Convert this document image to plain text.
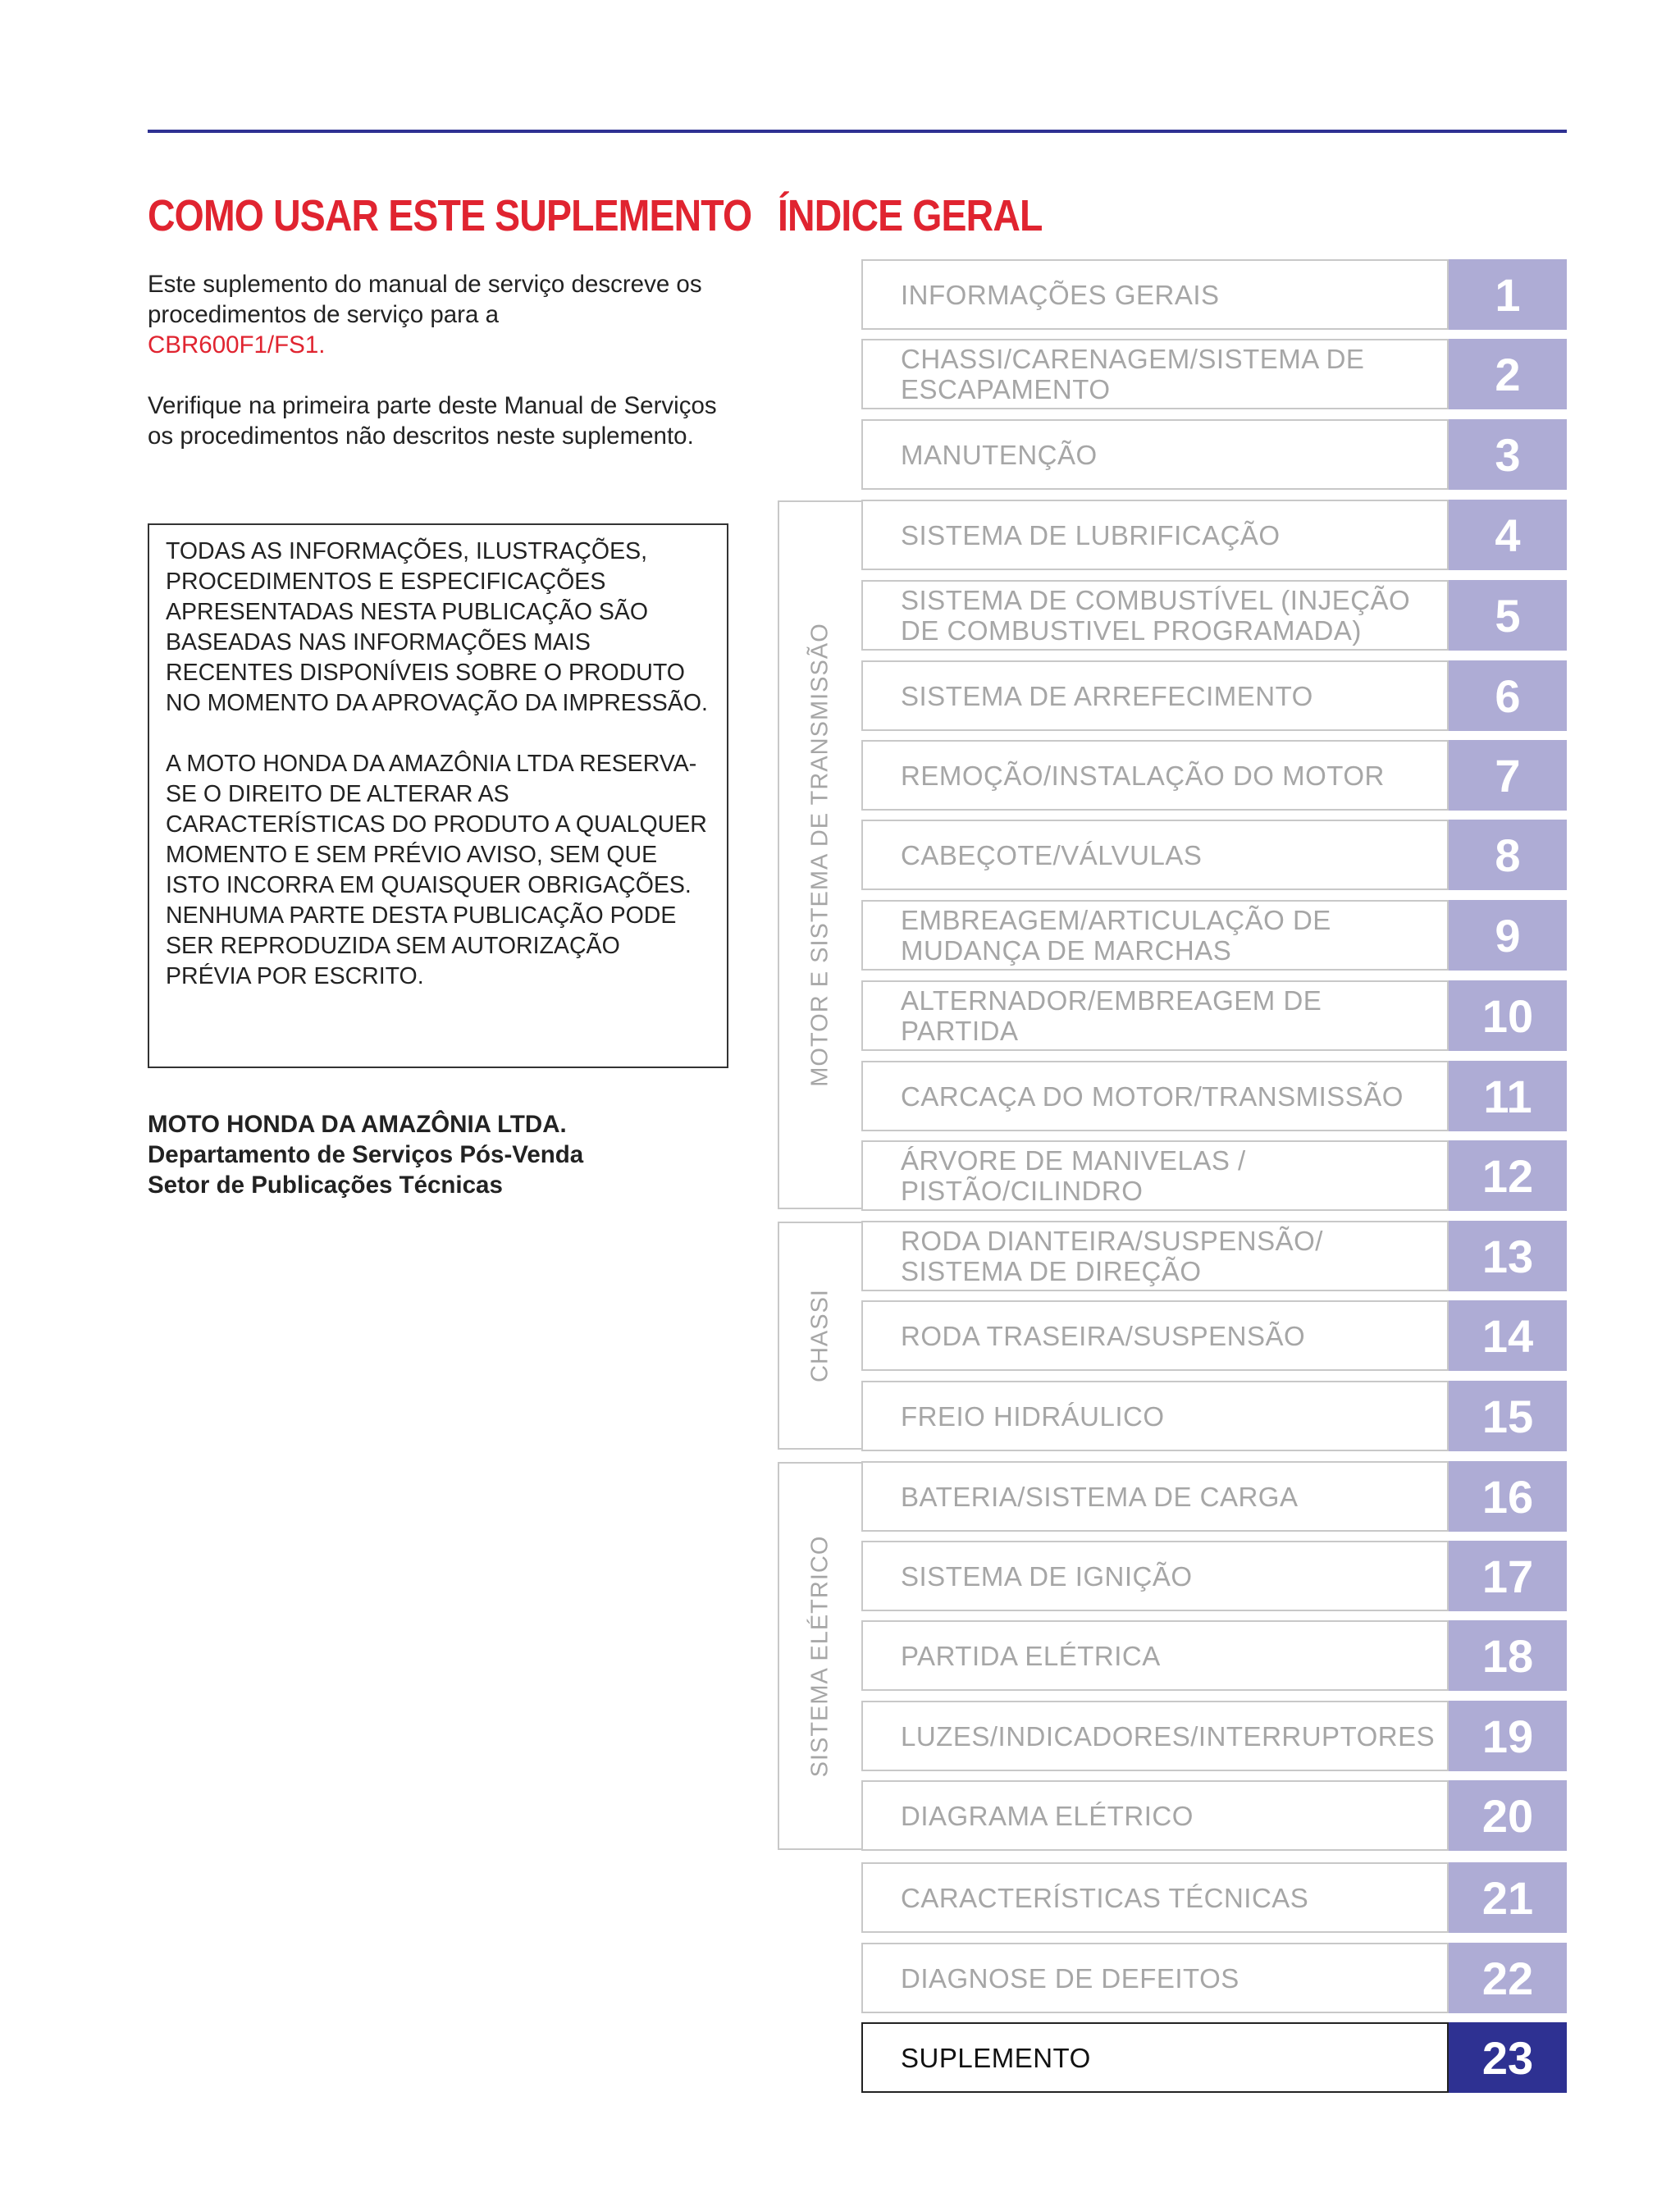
COMO USAR ESTE SUPLEMENTO ÍNDICE GERAL

Este suplemento do manual de serviço descreve os procedimentos de serviço para a
CBR600F1/FS1.

Verifique na primeira parte deste Manual de Serviços os procedimentos não descritos neste suplemento.

TODAS AS INFORMAÇÕES, ILUSTRAÇÕES, PROCEDIMENTOS E ESPECIFICAÇÕES APRESENTADAS NESTA PUBLICAÇÃO SÃO BASEADAS NAS INFORMAÇÕES MAIS RECENTES DISPONÍVEIS SOBRE O PRODUTO NO MOMENTO DA APROVAÇÃO DA IMPRESSÃO.

A MOTO HONDA DA AMAZÔNIA LTDA RESERVA-SE O DIREITO DE ALTERAR AS CARACTERÍSTICAS DO PRODUTO A QUALQUER MOMENTO E SEM PRÉVIO AVISO, SEM QUE ISTO INCORRA EM QUAISQUER OBRIGAÇÕES.

NENHUMA PARTE DESTA PUBLICAÇÃO PODE SER REPRODUZIDA SEM AUTORIZAÇÃO PRÉVIA POR ESCRITO.

MOTO HONDA DA AMAZÔNIA LTDA.
Departamento de Serviços Pós-Venda
Setor de Publicações Técnicas
MOTOR E SISTEMA DE TRANSMISSÃO
CHASSI
SISTEMA ELÉTRICO
INFORMAÇÕES GERAIS	1
CHASSI/CARENAGEM/SISTEMA DE ESCAPAMENTO	2
MANUTENÇÃO	3
SISTEMA DE LUBRIFICAÇÃO	4
SISTEMA DE COMBUSTÍVEL (INJEÇÃO DE COMBUSTIVEL PROGRAMADA)	5
SISTEMA DE ARREFECIMENTO	6
REMOÇÃO/INSTALAÇÃO DO MOTOR	7
CABEÇOTE/VÁLVULAS	8
EMBREAGEM/ARTICULAÇÃO DE MUDANÇA DE MARCHAS	9
ALTERNADOR/EMBREAGEM DE PARTIDA	10
CARCAÇA DO MOTOR/TRANSMISSÃO	11
ÁRVORE DE MANIVELAS / PISTÃO/CILINDRO	12
RODA DIANTEIRA/SUSPENSÃO/ SISTEMA DE DIREÇÃO	13
RODA TRASEIRA/SUSPENSÃO	14
FREIO HIDRÁULICO	15
BATERIA/SISTEMA DE CARGA	16
SISTEMA DE IGNIÇÃO	17
PARTIDA ELÉTRICA	18
LUZES/INDICADORES/INTERRUPTORES	19
DIAGRAMA ELÉTRICO	20
CARACTERÍSTICAS TÉCNICAS	21
DIAGNOSE DE DEFEITOS	22
SUPLEMENTO	23
